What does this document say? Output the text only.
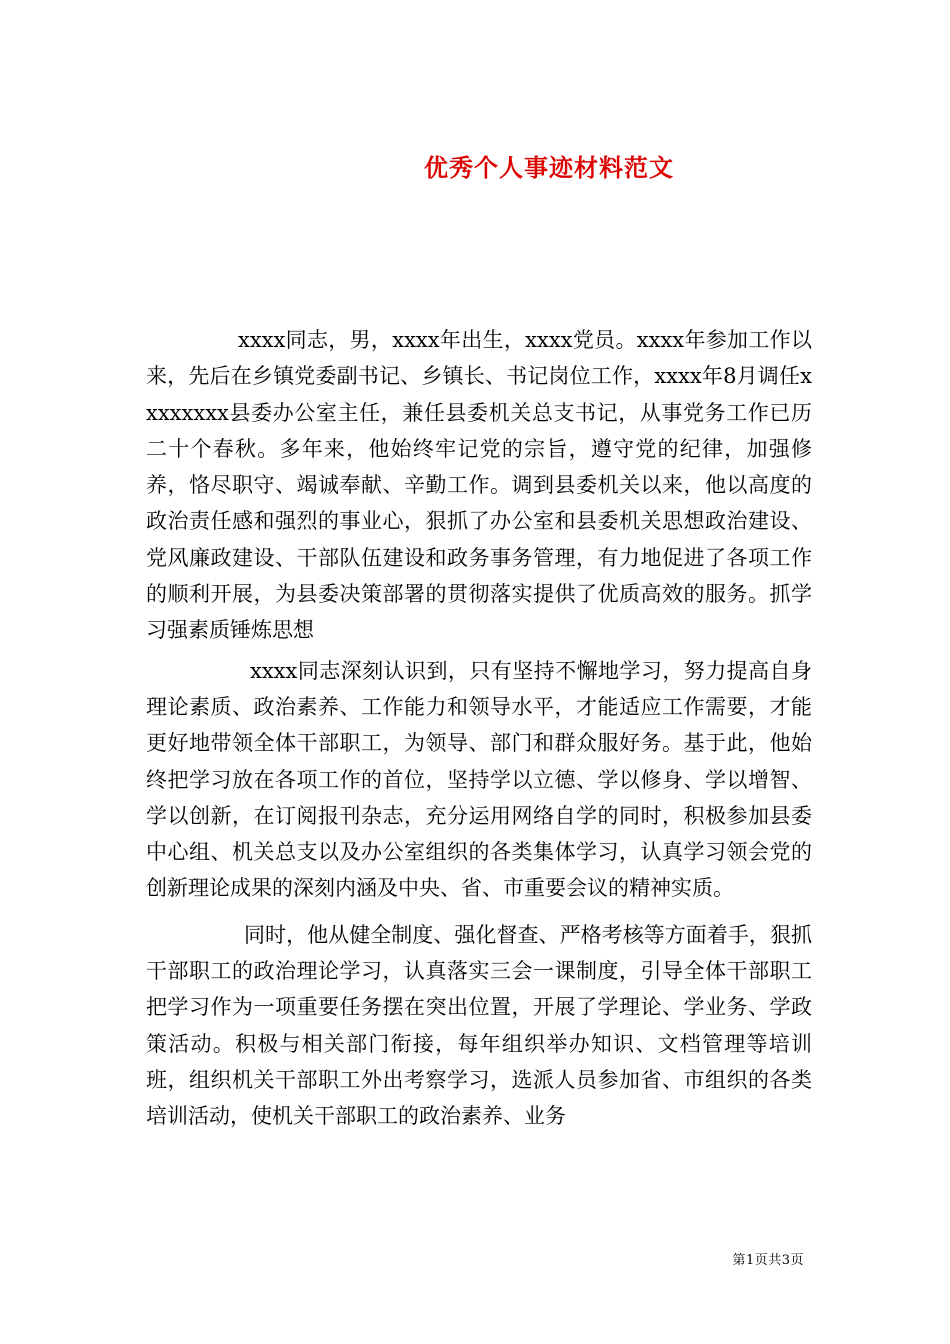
优秀个人事迹材料范文

xxxx同志，男，xxxx年出生，xxxx党员。xxxx年参加工作以来，先后在乡镇党委副书记、乡镇长、书记岗位工作，xxxx年8月调任xxxxxxxx县委办公室主任，兼任县委机关总支书记，从事党务工作已历二十个春秋。多年来，他始终牢记党的宗旨，遵守党的纪律，加强修养，恪尽职守、竭诚奉献、辛勤工作。调到县委机关以来，他以高度的政治责任感和强烈的事业心，狠抓了办公室和县委机关思想政治建设、党风廉政建设、干部队伍建设和政务事务管理，有力地促进了各项工作的顺利开展，为县委决策部署的贯彻落实提供了优质高效的服务。抓学习强素质锤炼思想

xxxx同志深刻认识到，只有坚持不懈地学习，努力提高自身理论素质、政治素养、工作能力和领导水平，才能适应工作需要，才能更好地带领全体干部职工，为领导、部门和群众服好务。基于此，他始终把学习放在各项工作的首位，坚持学以立德、学以修身、学以增智、学以创新，在订阅报刊杂志，充分运用网络自学的同时，积极参加县委中心组、机关总支以及办公室组织的各类集体学习，认真学习领会党的创新理论成果的深刻内涵及中央、省、市重要会议的精神实质。

同时，他从健全制度、强化督查、严格考核等方面着手，狠抓干部职工的政治理论学习，认真落实三会一课制度，引导全体干部职工把学习作为一项重要任务摆在突出位置，开展了学理论、学业务、学政策活动。积极与相关部门衔接，每年组织举办知识、文档管理等培训班，组织机关干部职工外出考察学习，选派人员参加省、市组织的各类培训活动，使机关干部职工的政治素养、业务

第1页共3页
